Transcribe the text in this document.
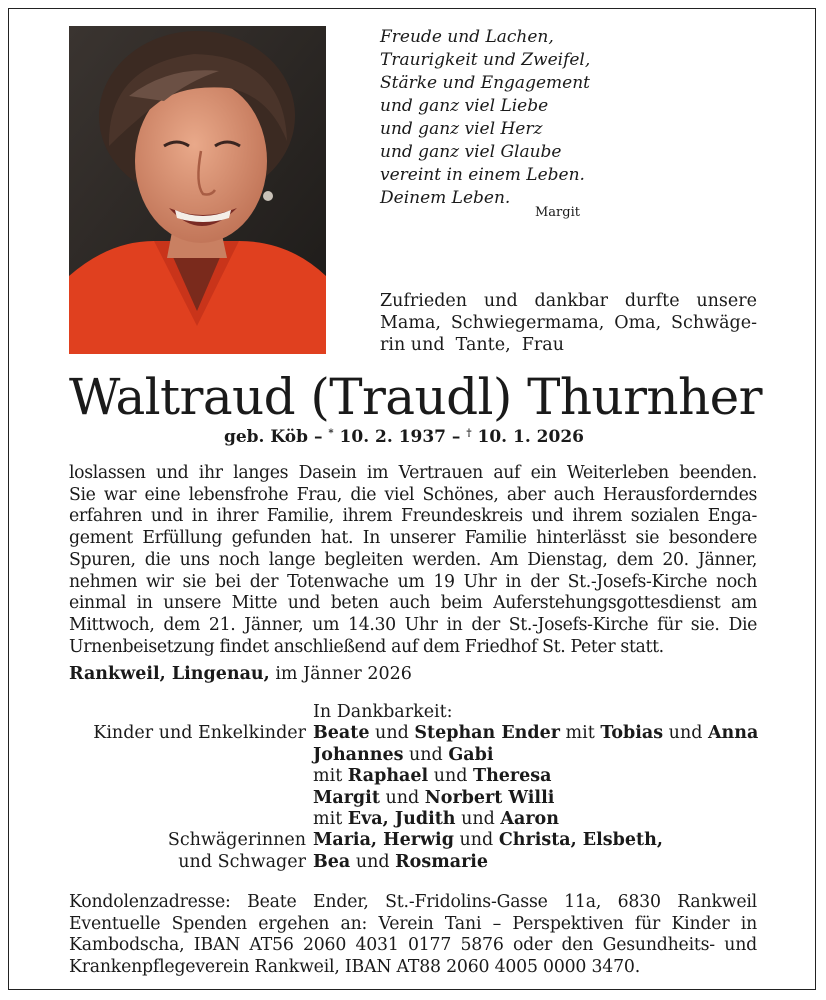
Freude und Lachen,
Traurigkeit und Zweifel,
Stärke und Engagement
und ganz viel Liebe
und ganz viel Herz
und ganz viel Glaube
vereint in einem Leben.
Deinem Leben.
Margit
Zufrieden und dankbar durfte unsere
Mama, Schwiegermama, Oma, Schwäge-
rin und  Tante,  Frau
Waltraud (Traudl) Thurnher
geb. Köb – * 10. 2. 1937 – † 10. 1. 2026
loslassen und ihr langes Dasein im Vertrauen auf ein Weiterleben beenden.
Sie war eine lebensfrohe Frau, die viel Schönes, aber auch Herausforderndes
erfahren und in ihrer Familie, ihrem Freundeskreis und ihrem sozialen Enga-
gement Erfüllung gefunden hat. In unserer Familie hinterlässt sie besondere
Spuren, die uns noch lange begleiten werden. Am Dienstag, dem 20. Jänner,
nehmen wir sie bei der Totenwache um 19 Uhr in der St.-Josefs-Kirche noch
einmal in unsere Mitte und beten auch beim Auferstehungsgottesdienst am
Mittwoch, dem 21. Jänner, um 14.30 Uhr in der St.-Josefs-Kirche für sie. Die
Urnenbeisetzung findet anschließend auf dem Friedhof St. Peter statt.
Rankweil, Lingenau, im Jänner 2026
In Dankbarkeit:
Kinder und Enkelkinder Beate und Stephan Ender mit Tobias und Anna
Johannes und Gabi
mit Raphael und Theresa
Margit und Norbert Willi
mit Eva, Judith und Aaron
Schwägerinnen Maria, Herwig und Christa, Elsbeth,
und Schwager Bea und Rosmarie
Kondolenzadresse: Beate Ender, St.-Fridolins-Gasse 11a, 6830 Rankweil
Eventuelle Spenden ergehen an: Verein Tani – Perspektiven für Kinder in
Kambodscha, IBAN AT56 2060 4031 0177 5876 oder den Gesundheits- und
Krankenpflegeverein Rankweil, IBAN AT88 2060 4005 0000 3470.
